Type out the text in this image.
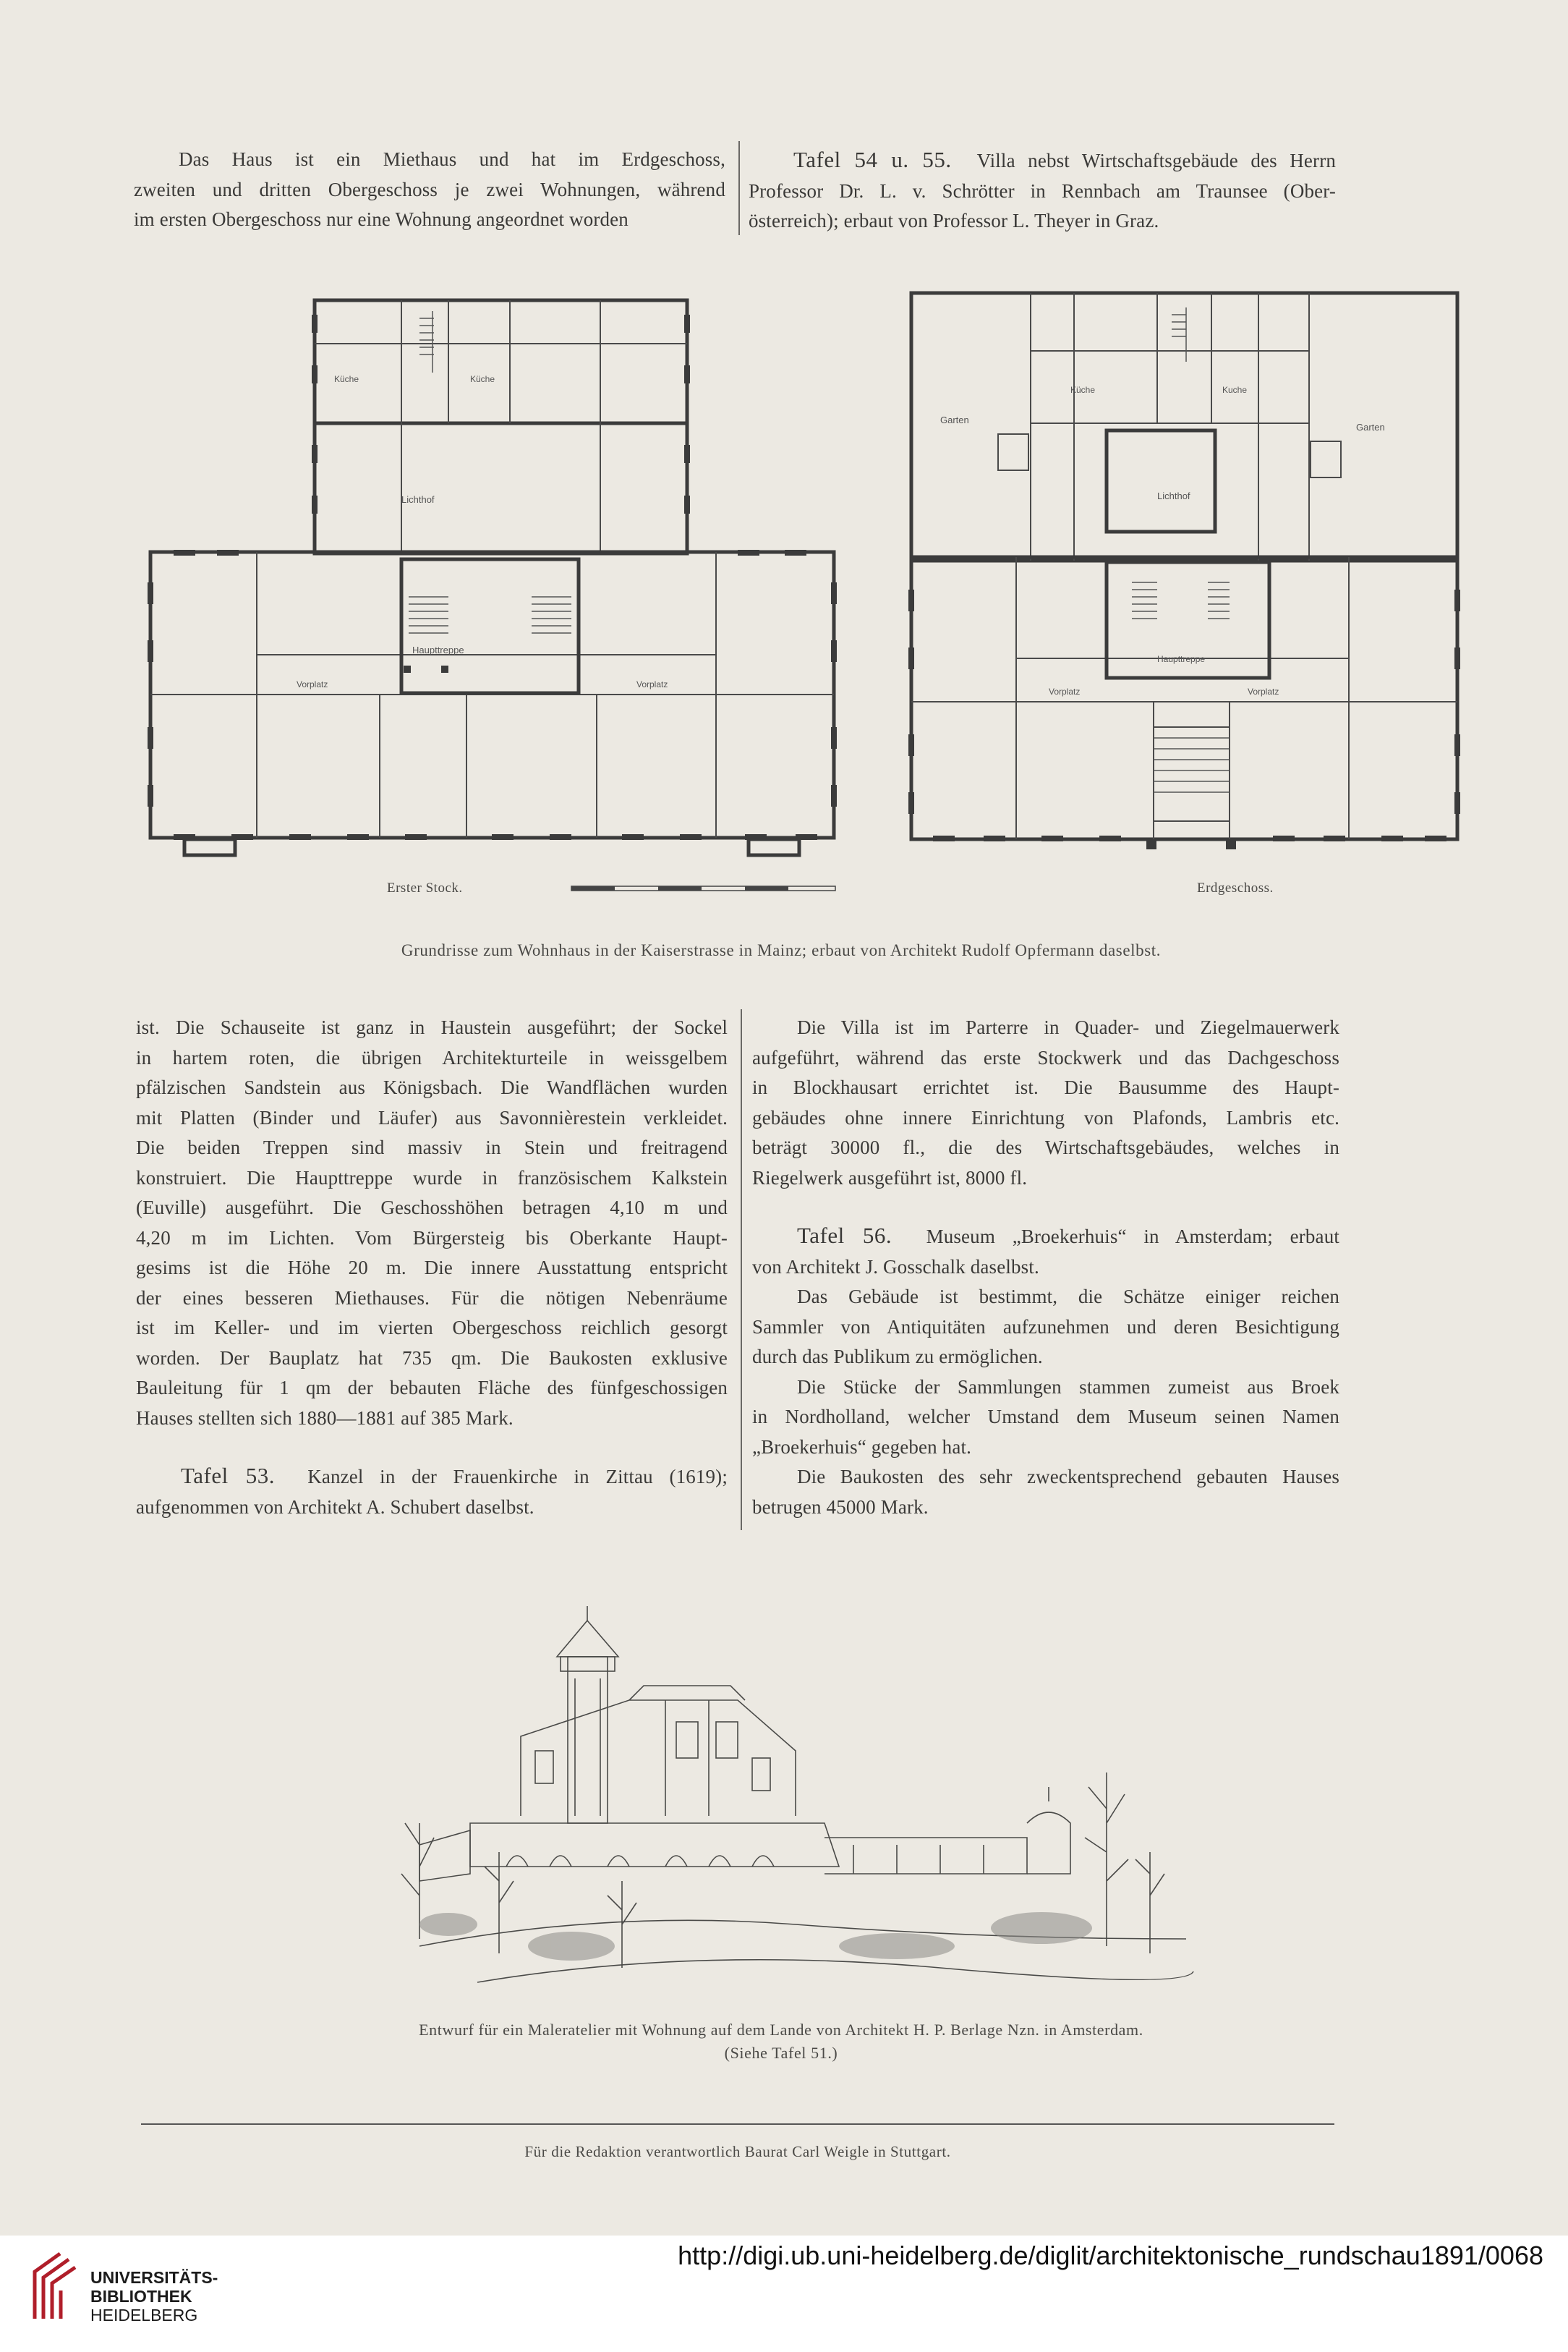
Das Haus ist ein Miethaus und hat im Erdgeschoss,
zweiten und dritten Obergeschoss je zwei Wohnungen, während
im ersten Obergeschoss nur eine Wohnung angeordnet worden
Tafel 54 u. 55. Villa nebst Wirtschaftsgebäude des Herrn
Professor Dr. L. v. Schrötter in Rennbach am Traunsee (Ober-
österreich); erbaut von Professor L. Theyer in Graz.
Küche	Küche
Lichthof
Haupttreppe
Vorplatz	Vorplatz
Garten
Garten
Küche	Kuche
Lichthof
Haupttreppe
Vorplatz	Vorplatz
Erster Stock.	Erdgeschoss.
Grundrisse zum Wohnhaus in der Kaiserstrasse in Mainz; erbaut von Architekt Rudolf Opfermann daselbst.
ist. Die Schauseite ist ganz in Haustein ausgeführt; der Sockel
in hartem roten, die übrigen Architekturteile in weissgelbem
pfälzischen Sandstein aus Königsbach. Die Wandflächen wurden
mit Platten (Binder und Läufer) aus Savonnièrestein verkleidet.
Die beiden Treppen sind massiv in Stein und freitragend
konstruiert. Die Haupttreppe wurde in französischem Kalkstein
(Euville) ausgeführt. Die Geschosshöhen betragen 4,10 m und
4,20 m im Lichten. Vom Bürgersteig bis Oberkante Haupt-
gesims ist die Höhe 20 m. Die innere Ausstattung entspricht
der eines besseren Miethauses. Für die nötigen Nebenräume
ist im Keller- und im vierten Obergeschoss reichlich gesorgt
worden. Der Bauplatz hat 735 qm. Die Baukosten exklusive
Bauleitung für 1 qm der bebauten Fläche des fünfgeschossigen
Hauses stellten sich 1880—1881 auf 385 Mark.
Tafel 53. Kanzel in der Frauenkirche in Zittau (1619);
aufgenommen von Architekt A. Schubert daselbst.
Die Villa ist im Parterre in Quader- und Ziegelmauerwerk
aufgeführt, während das erste Stockwerk und das Dachgeschoss
in Blockhausart errichtet ist. Die Bausumme des Haupt-
gebäudes ohne innere Einrichtung von Plafonds, Lambris etc.
beträgt 30000 fl., die des Wirtschaftsgebäudes, welches in
Riegelwerk ausgeführt ist, 8000 fl.
Tafel 56. Museum „Broekerhuis“ in Amsterdam; erbaut
von Architekt J. Gosschalk daselbst.
Das Gebäude ist bestimmt, die Schätze einiger reichen
Sammler von Antiquitäten aufzunehmen und deren Besichtigung
durch das Publikum zu ermöglichen.
Die Stücke der Sammlungen stammen zumeist aus Broek
in Nordholland, welcher Umstand dem Museum seinen Namen
„Broekerhuis“ gegeben hat.
Die Baukosten des sehr zweckentsprechend gebauten Hauses
betrugen 45000 Mark.
Entwurf für ein Maleratelier mit Wohnung auf dem Lande von Architekt H. P. Berlage Nzn. in Amsterdam.
(Siehe Tafel 51.)
Für die Redaktion verantwortlich Baurat Carl Weigle in Stuttgart.
UNIVERSITÄTS-
BIBLIOTHEK
HEIDELBERG
http://digi.ub.uni-heidelberg.de/diglit/architektonische_rundschau1891/0068
